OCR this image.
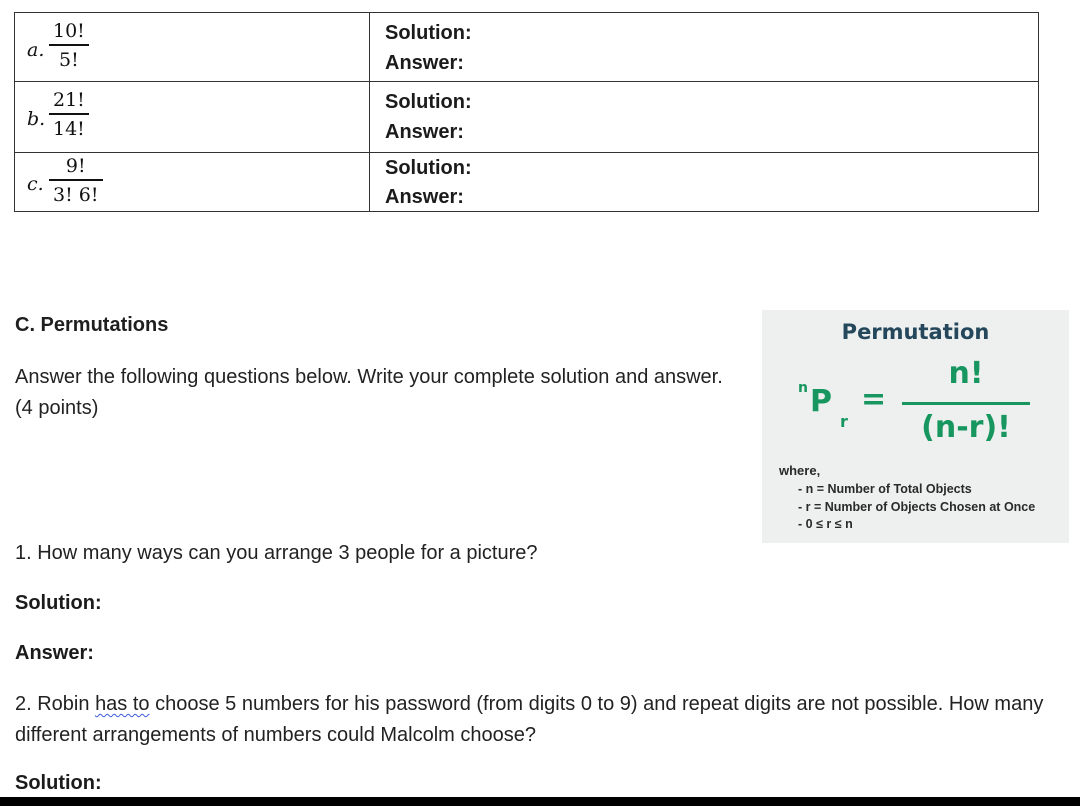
a.
10!
5!	Solution:
Answer:

b.
21!
14!	Solution:
Answer:

c.
9!
3! 6!	Solution:
Answer:
C. Permutations
Answer the following questions below. Write your complete solution and answer. (4 points)
Permutation
n P
r
=
n!
(n-r)!
where,
- n = Number of Total Objects
- r = Number of Objects Chosen at Once
- 0 ≤ r ≤ n
1. How many ways can you arrange 3 people for a picture?
Solution:
Answer:
2. Robin has to choose 5 numbers for his password (from digits 0 to 9) and repeat digits are not possible. How many different arrangements of numbers could Malcolm choose?
Solution:
